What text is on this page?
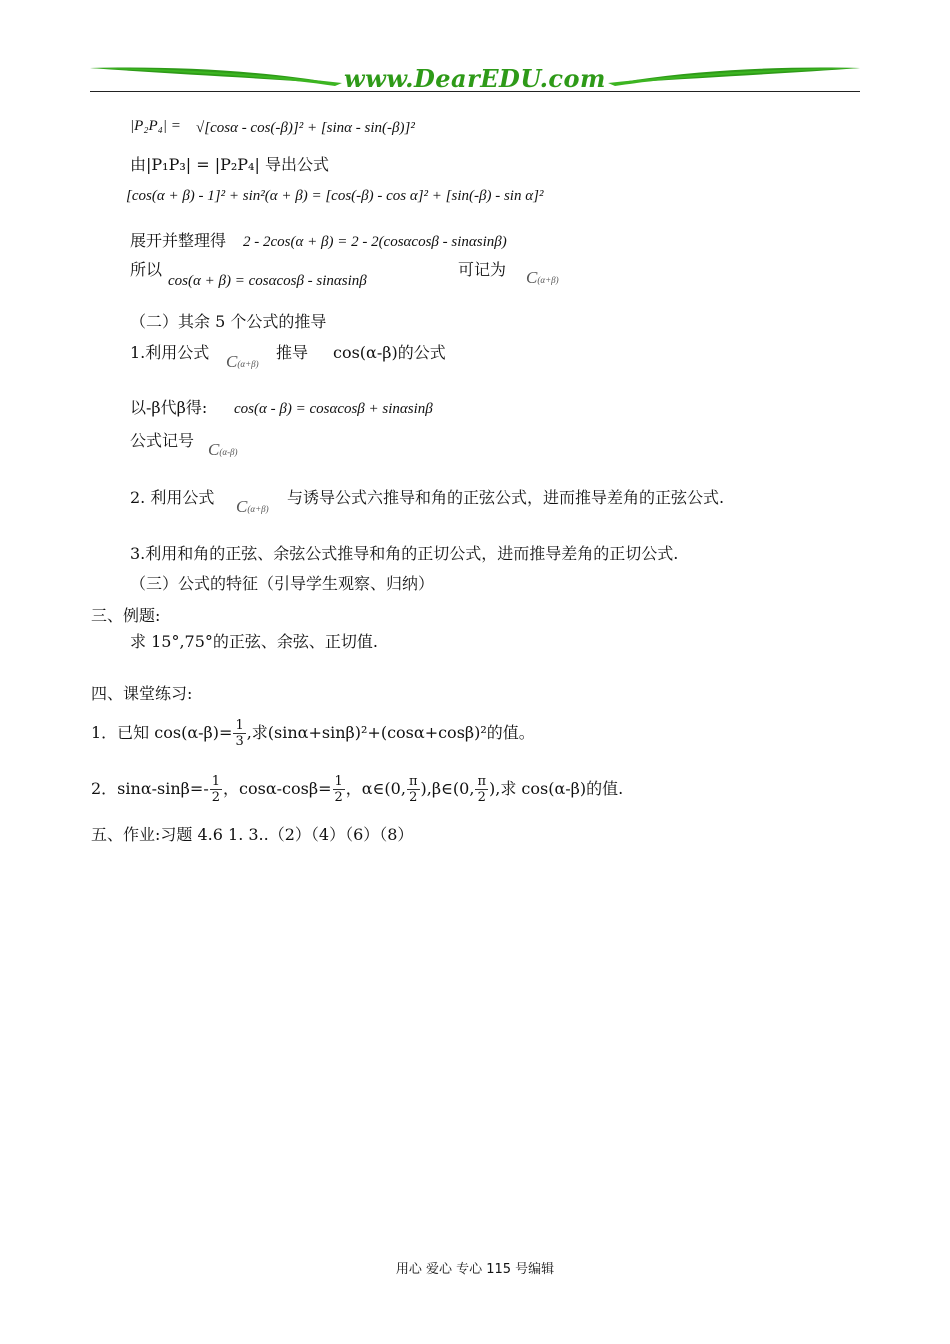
www.DearEDU.com
|P₂P₄| = √[cosα - cos(-β)]² + [sinα - sin(-β)]²
由|P₁P₃| = |P₂P₄| 导出公式
[cos(α + β) - 1]² + sin²(α + β) = [cos(-β) - cos α]² + [sin(-β) - sin α]²
展开并整理得 2 - 2cos(α + β) = 2 - 2(cosαcosβ - sinαsinβ)
所以
cos(α + β) = cosαcosβ - sinαsinβ
可记为 C(α+β)
（二）其余 5 个公式的推导
1.利用公式 C(α+β)
推导 cos(α-β)的公式
以-β代β得: cos(α - β) = cosαcosβ + sinαsinβ
公式记号 C(α-β)
2. 利用公式 C(α+β)
与诱导公式六推导和角的正弦公式，进而推导差角的正弦公式.
3.利用和角的正弦、余弦公式推导和角的正切公式，进而推导差角的正切公式.
（三）公式的特征（引导学生观察、归纳）
三、例题:
求 15°,75°的正弦、余弦、正切值.
四、课堂练习:
1．已知 $\cos(\alpha-\beta)= \frac{1}{3}$ ,求(sinα+sinβ)²+(cosα+cosβ)²的值。
2．$\sin\alpha-\sin\beta=- \frac{1}{2}$ ，$\cos\alpha-\cos\beta= \frac{1}{2}$ ，α∈(0, $\frac{\pi}{2}$ ),β∈(0, $\frac{\pi}{2}$ ),求 cos(α-β)的值.
五、作业:习题 4.6 1. 3..（2）（4）（6）（8）
用心 爱心 专心 115 号编辑
